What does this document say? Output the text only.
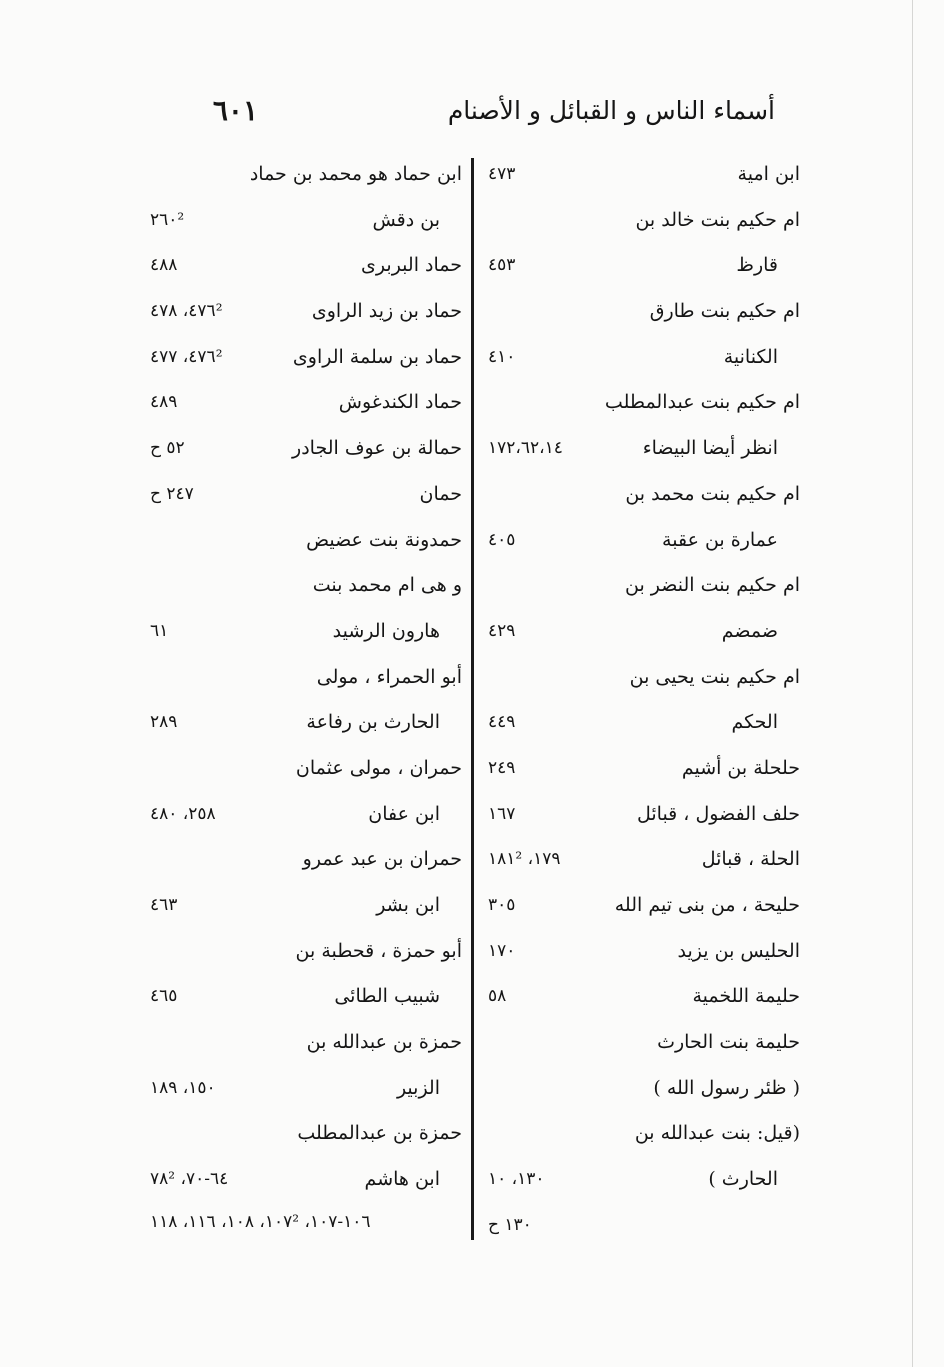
أسماء الناس و القبائل و الأصنام
٦٠١
ابن امية
٤٧٣
ام حكيم بنت خالد بن
قارظ
٤٥٣
ام حكيم بنت طارق
الكنانية
٤١٠
ام حكيم بنت عبدالمطلب
انظر أيضا البيضاء
١٧٢،٦٢،١٤
ام حكيم بنت محمد بن
عمارة بن عقبة
٤٠٥
ام حكيم بنت النضر بن
ضمضم
٤٢٩
ام حكيم بنت يحيى بن
الحكم
٤٤٩
حلحلة بن أشيم
٢٤٩
حلف الفضول ، قبائل
١٦٧
الحلة ، قبائل
١٧٩، ١٨١²
حليحة ، من بنى تيم الله
٣٠٥
الحليس بن يزيد
١٧٠
حليمة اللخمية
٥٨
حليمة بنت الحارث
( ظئر رسول الله )
(قيل: بنت عبدالله بن
الحارث )
١٣٠، ١٠
١٣٠ ح
ابن حماد هو محمد بن حماد
بن دقش
٢٦٠²
حماد البربرى
٤٨٨
حماد بن زيد الراوى
٤٧٦²، ٤٧٨
حماد بن سلمة الراوى
٤٧٦²، ٤٧٧
حماد الكندغوش
٤٨٩
حمالة بن عوف الجادر
٥٢ ح
حمان
٢٤٧ ح
حمدونة بنت عضيض
و هى ام محمد بنت
هارون الرشيد
٦١
أبو الحمراء ، مولى
الحارث بن رفاعة
٢٨٩
حمران ، مولى عثمان
ابن عفان
٢٥٨، ٤٨٠
حمران بن عبد عمرو
ابن بشر
٤٦٣
أبو حمزة ، قحطبة بن
شبيب الطائى
٤٦٥
حمزة بن عبدالله بن
الزبير
١٥٠، ١٨٩
حمزة بن عبدالمطلب
ابن هاشم
٦٤-٧٠، ٧٨²
١٠٦-١٠٧، ١٠٧²، ١٠٨، ١١٦، ١١٨
